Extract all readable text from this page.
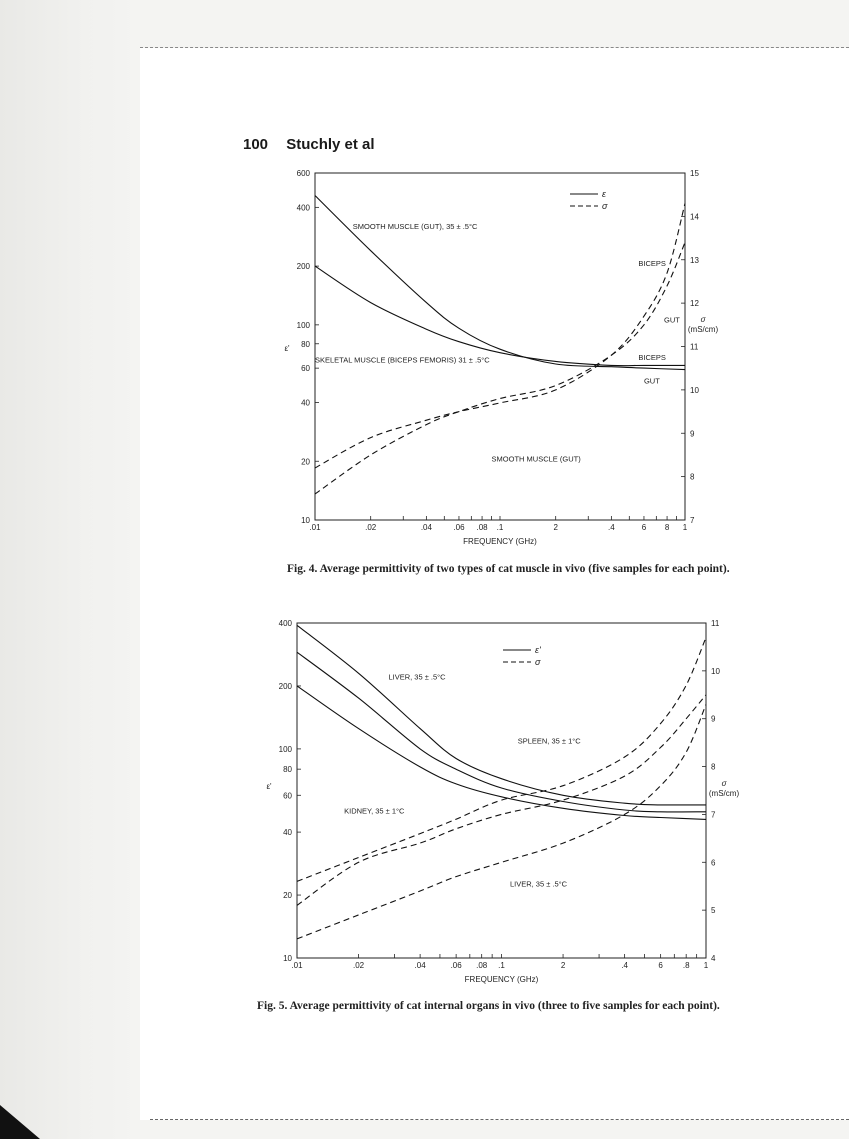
100 Stuchly et al
.01	.02	.04	.06 .08 .1	2	.4	6 8 1
FREQUENCY (GHz)
10
20
40
60
80
100
200
400
600
ε'
7
8
9
10
11
12
13
14
15
σ
(mS/cm)
ε
σ
SMOOTH MUSCLE (GUT), 35 ± .5°C
SKELETAL MUSCLE (BICEPS FEMORIS) 31 ± .5°C
SMOOTH MUSCLE (GUT)
BICEPS
GUT
BICEPS
GUT
Fig. 4. Average permittivity of two types of cat muscle in vivo (five samples for each point).
.01	.02	.04	.06 .08 .1	2	.4	6 .8 1
FREQUENCY (GHz)
10
20
40
60
80
100
200
400
ε'
4
5
6
7
8
9
10
11
σ
(mS/cm)
ε'
σ
LIVER, 35 ± .5°C
SPLEEN, 35 ± 1°C
KIDNEY, 35 ± 1°C
LIVER, 35 ± .5°C
Fig. 5. Average permittivity of cat internal organs in vivo (three to five samples for each point).
